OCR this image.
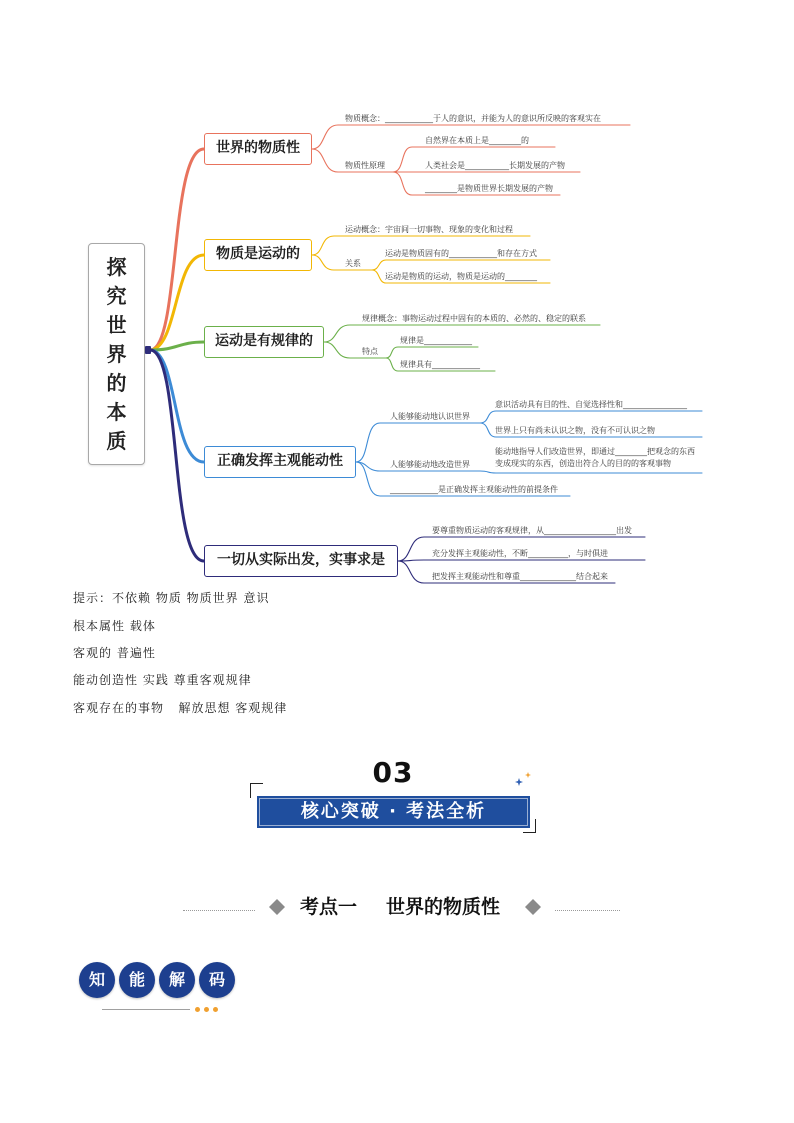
探究世界的本质
世界的物质性
物质概念：____________于人的意识，并能为人的意识所反映的客观实在
物质性原理
自然界在本质上是________的
人类社会是___________长期发展的产物
________是物质世界长期发展的产物
物质是运动的
运动概念：宇宙间一切事物、现象的变化和过程
关系
运动是物质固有的____________和存在方式
运动是物质的运动，物质是运动的________
运动是有规律的
规律概念：事物运动过程中固有的本质的、必然的、稳定的联系
特点
规律是____________
规律具有____________
正确发挥主观能动性
人能够能动地认识世界
意识活动具有目的性、自觉选择性和________________
世界上只有尚未认识之物，没有不可认识之物
人能够能动地改造世界
能动地指导人们改造世界，即通过________把观念的东西
变成现实的东西，创造出符合人的目的的客观事物
____________是正确发挥主观能动性的前提条件
一切从实际出发，实事求是
要尊重物质运动的客观规律，从__________________出发
充分发挥主观能动性，不断__________，与时俱进
把发挥主观能动性和尊重______________结合起来
提示：不依赖 物质 物质世界 意识
根本属性 载体
客观的 普遍性
能动创造性 实践 尊重客观规律
客观存在的事物   解放思想 客观规律
03
核心突破 · 考法全析
考点一 世界的物质性
知	能	解	码
